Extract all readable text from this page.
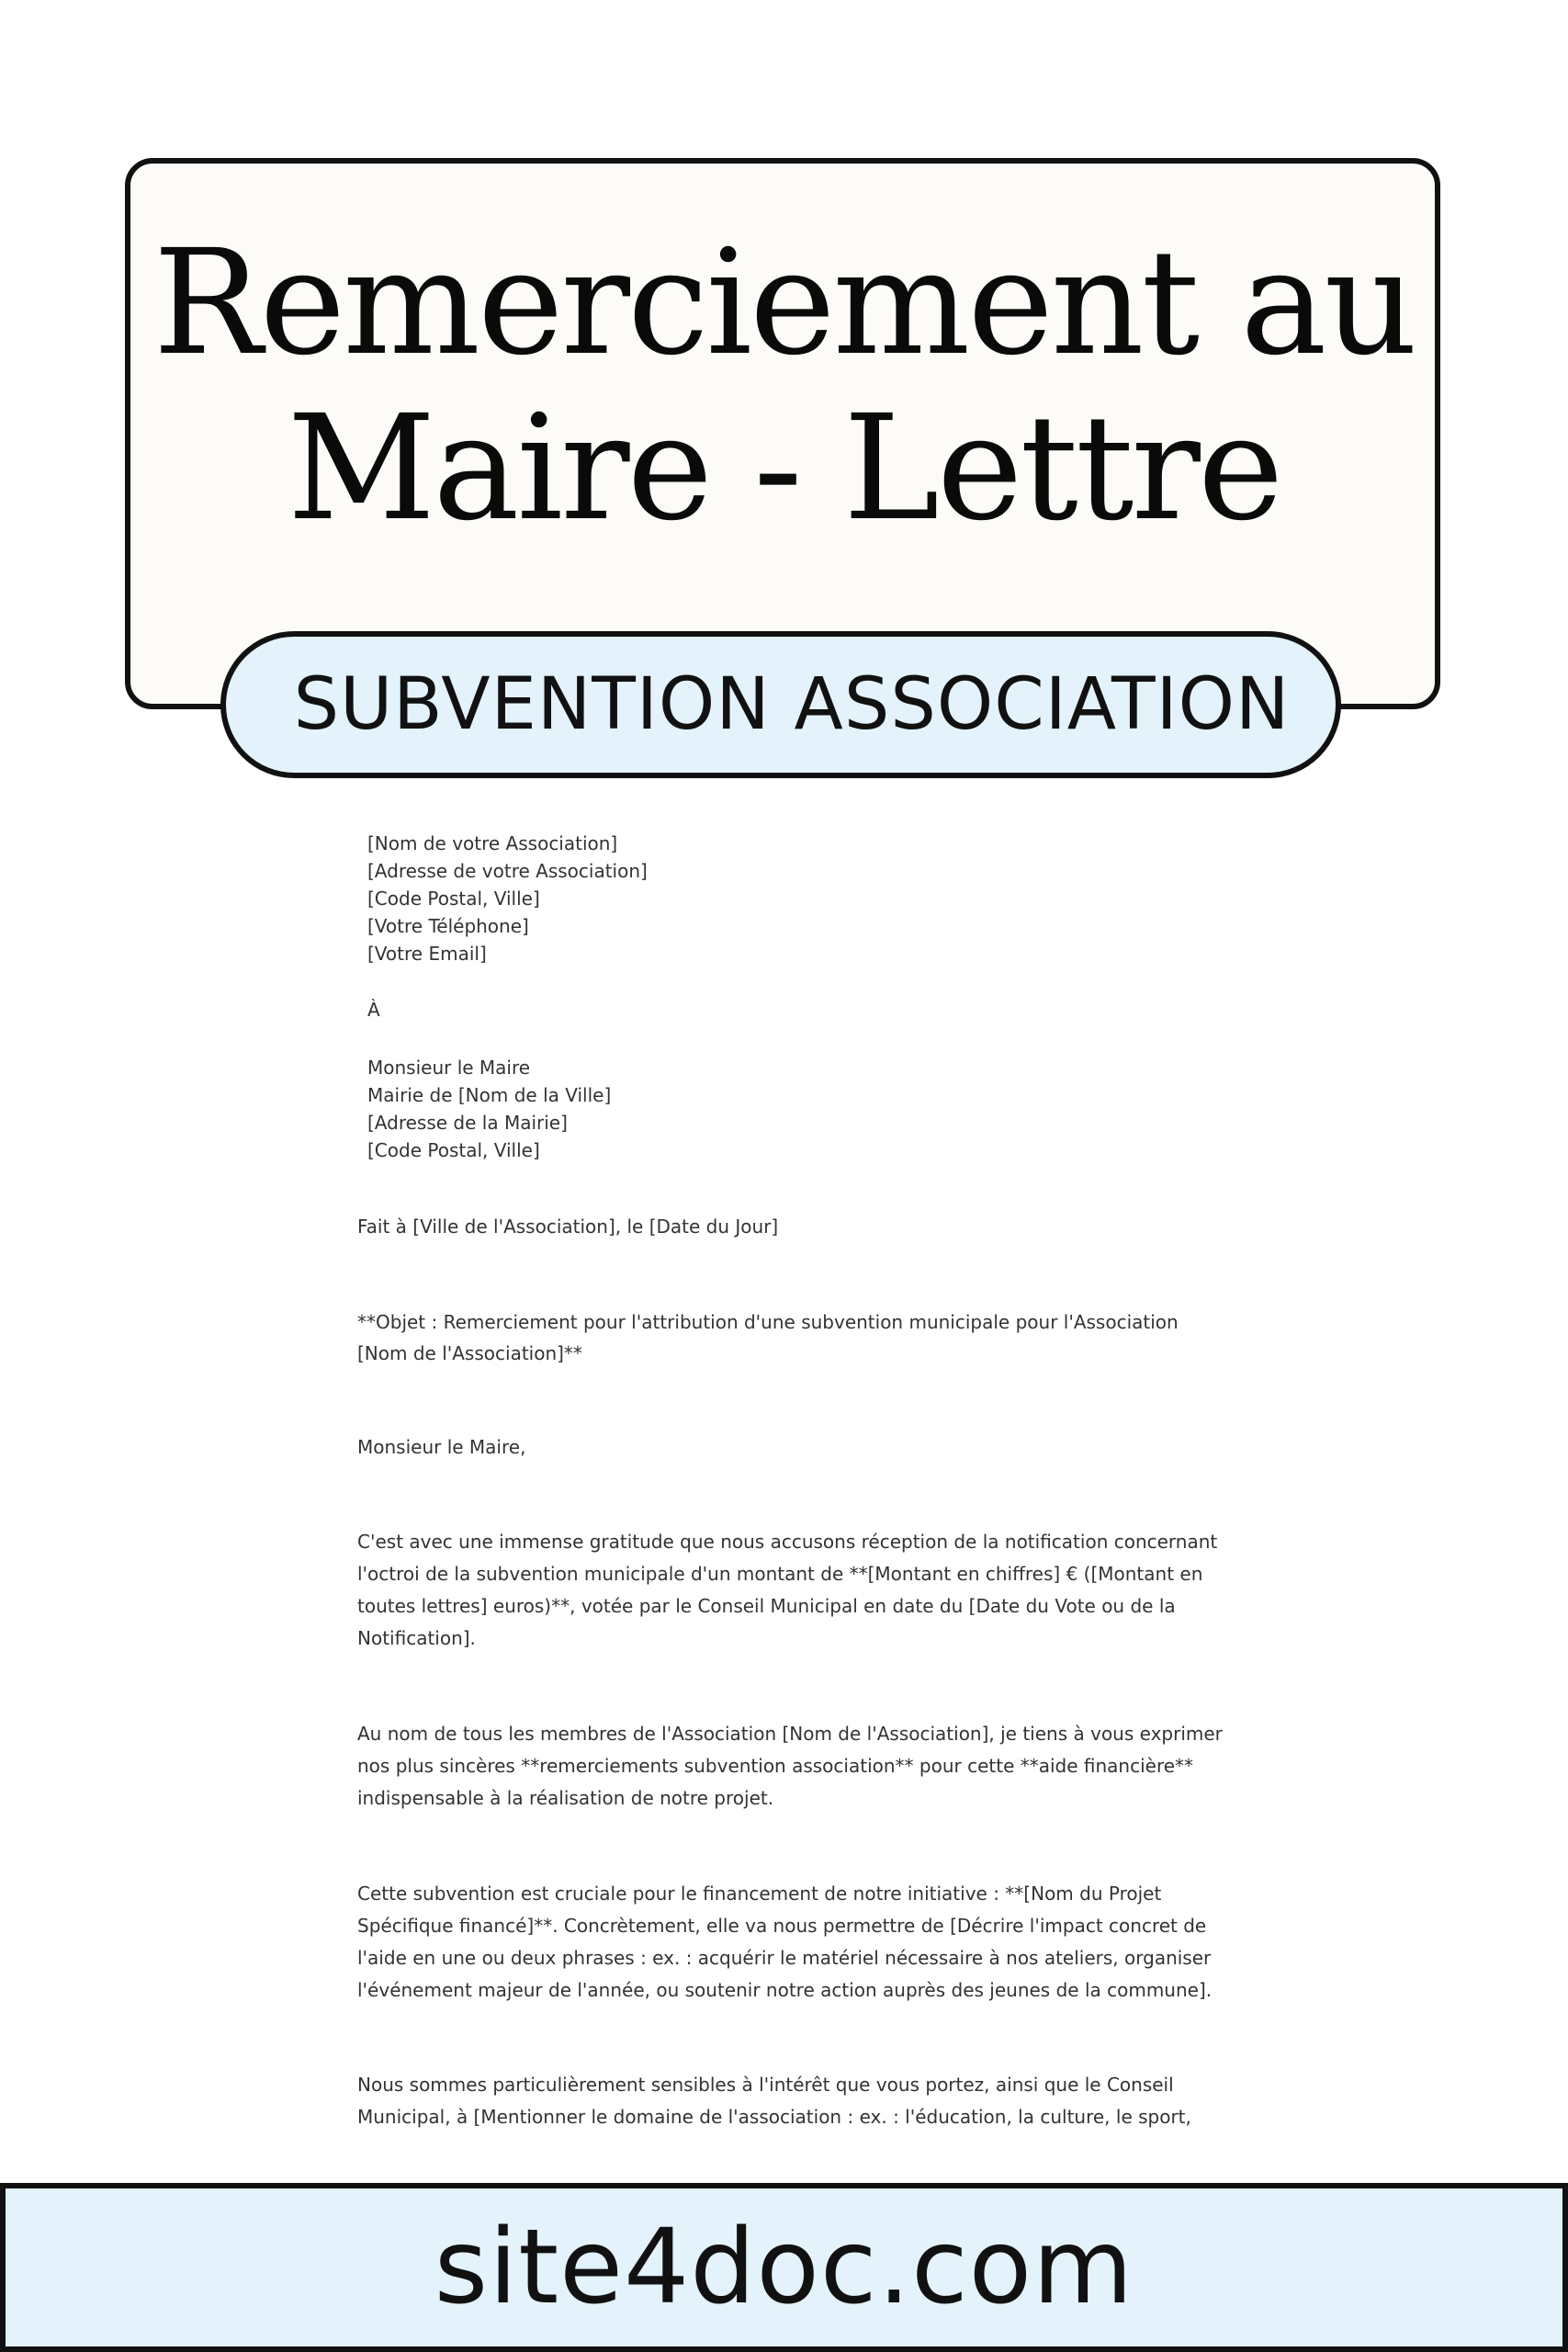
Remerciement au
Maire - Lettre
SUBVENTION ASSOCIATION
[Nom de votre Association]
[Adresse de votre Association]
[Code Postal, Ville]
[Votre Téléphone]
[Votre Email]
À
Monsieur le Maire
Mairie de [Nom de la Ville]
[Adresse de la Mairie]
[Code Postal, Ville]
Fait à [Ville de l'Association], le [Date du Jour]
**Objet : Remerciement pour l'attribution d'une subvention municipale pour l'Association
[Nom de l'Association]**
Monsieur le Maire,
C'est avec une immense gratitude que nous accusons réception de la notification concernant l'octroi de la subvention municipale d'un montant de **[Montant en chiffres] € ([Montant en toutes lettres] euros)**, votée par le Conseil Municipal en date du [Date du Vote ou de la Notification].
Au nom de tous les membres de l'Association [Nom de l'Association], je tiens à vous exprimer nos plus sincères **remerciements subvention association** pour cette **aide financière** indispensable à la réalisation de notre projet.
Cette subvention est cruciale pour le financement de notre initiative : **[Nom du Projet Spécifique financé]**. Concrètement, elle va nous permettre de [Décrire l'impact concret de l'aide en une ou deux phrases : ex. : acquérir le matériel nécessaire à nos ateliers, organiser l'événement majeur de l'année, ou soutenir notre action auprès des jeunes de la commune].
Nous sommes particulièrement sensibles à l'intérêt que vous portez, ainsi que le Conseil Municipal, à [Mentionner le domaine de l'association : ex. : l'éducation, la culture, le sport,
site4doc.com
